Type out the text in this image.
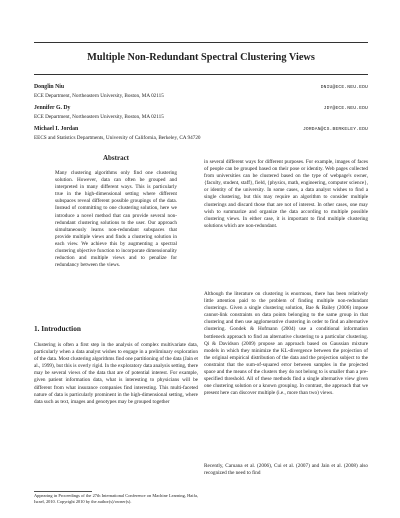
Multiple Non-Redundant Spectral Clustering Views
Donglin Niu	DNIU@ECE.NEU.EDU
ECE Department, Northeastern University, Boston, MA 02115
Jennifer G. Dy	JDY@ECE.NEU.EDU
ECE Department, Northeastern University, Boston, MA 02115
Michael I. Jordan	JORDAN@CS.BERKELEY.EDU
EECS and Statistics Departments, University of California, Berkeley, CA 94720
Abstract

Many clustering algorithms only find one clustering solution. However, data can often be grouped and interpreted in many different ways. This is particularly true in the high-dimensional setting where different subspaces reveal different possible groupings of the data. Instead of committing to one clustering solution, here we introduce a novel method that can provide several non-redundant clustering solutions to the user. Our approach simultaneously learns non-redundant subspaces that provide multiple views and finds a clustering solution in each view. We achieve this by augmenting a spectral clustering objective function to incorporate dimensionality reduction and multiple views and to penalize for redundancy between the views.

1. Introduction

Clustering is often a first step in the analysis of complex multivariate data, particularly when a data analyst wishes to engage in a preliminary exploration of the data. Most clustering algorithms find one partitioning of the data (Jain et al., 1999), but this is overly rigid. In the exploratory data analysis setting, there may be several views of the data that are of potential interest. For example, given patient information data, what is interesting to physicians will be different from what insurance companies find interesting. This multi-faceted nature of data is particularly prominent in the high-dimensional setting, where data such as text, images and genotypes may be grouped together

Appearing in Proceedings of the 27th International Conference on Machine Learning, Haifa, Israel, 2010. Copyright 2010 by the author(s)/owner(s).

in several different ways for different purposes. For example, images of faces of people can be grouped based on their pose or identity. Web pages collected from universities can be clustered based on the type of webpage's owner, {faculty, student, staff}, field, {physics, math, engineering, computer science}, or identity of the university. In some cases, a data analyst wishes to find a single clustering, but this may require an algorithm to consider multiple clusterings and discard those that are not of interest. In other cases, one may wish to summarize and organize the data according to multiple possible clustering views. In either case, it is important to find multiple clustering solutions which are non-redundant.

Although the literature on clustering is enormous, there has been relatively little attention paid to the problem of finding multiple non-redundant clusterings. Given a single clustering solution, Bae & Bailey (2006) impose cannot-link constraints on data points belonging to the same group in that clustering and then use agglomerative clustering in order to find an alternative clustering. Gondek & Hofmann (2004) use a conditional information bottleneck approach to find an alternative clustering to a particular clustering. Qi & Davidson (2009) propose an approach based on Gaussian mixture models in which they minimize the KL-divergence between the projection of the original empirical distribution of the data and the projection subject to the constraint that the sum-of-squared error between samples in the projected space and the means of the clusters they do not belong to is smaller than a pre-specified threshold. All of these methods find a single alternative view given one clustering solution or a known grouping. In contrast, the approach that we present here can discover multiple (i.e., more than two) views.

Recently, Caruana et al. (2006), Cui et al. (2007) and Jain et al. (2008) also recognized the need to find
